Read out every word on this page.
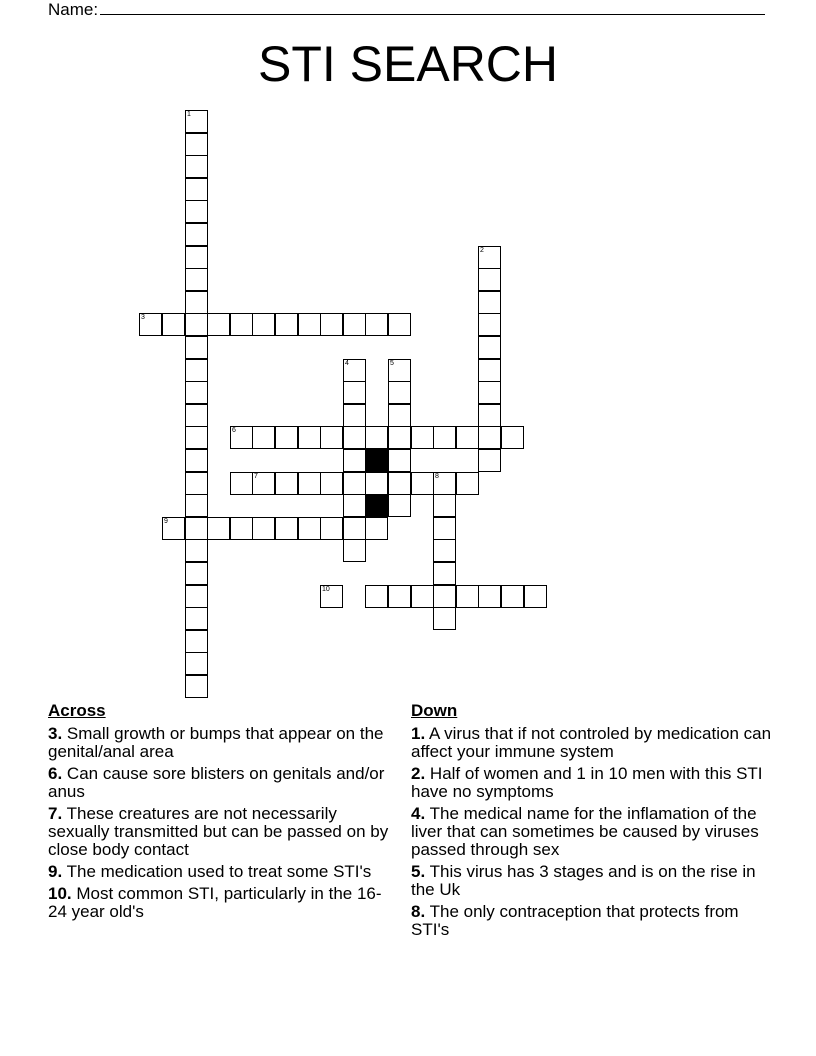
Name:
STI SEARCH
1
2
3
4	5
6
7	8
9
10
Across
3. Small growth or bumps that appear on the genital/anal area
6. Can cause sore blisters on genitals and/or anus
7. These creatures are not necessarily sexually transmitted but can be passed on by close body contact
9. The medication used to treat some STI's
10. Most common STI, particularly in the 16-24 year old's
Down
1. A virus that if not controled by medication can affect your immune system
2. Half of women and 1 in 10 men with this STI have no symptoms
4. The medical name for the inflamation of the liver that can sometimes be caused by viruses passed through sex
5. This virus has 3 stages and is on the rise in the Uk
8. The only contraception that protects from STI's
